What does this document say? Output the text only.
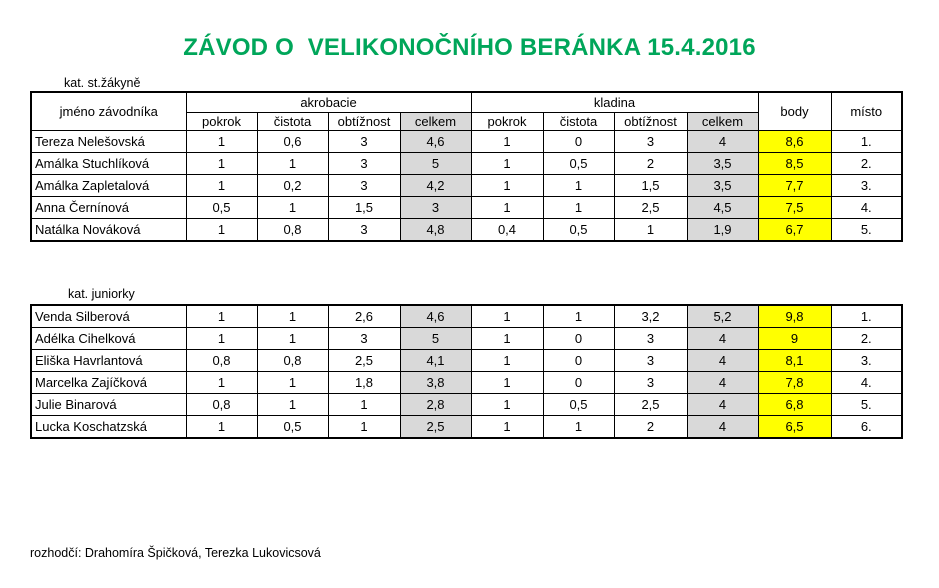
ZÁVOD O  VELIKONOČNÍHO BERÁNKA 15.4.2016
kat. st.žákyně
jméno závodníka	akrobacie				kladina				body	místo
	pokrok	čistota	obtížnost	celkem	pokrok	čistota	obtížnost	celkem		
Tereza Nelešovská	1	0,6	3	4,6	1	0	3	4	8,6	1.
Amálka Stuchlíková	1	1	3	5	1	0,5	2	3,5	8,5	2.
Amálka Zapletalová	1	0,2	3	4,2	1	1	1,5	3,5	7,7	3.
Anna Černínová	0,5	1	1,5	3	1	1	2,5	4,5	7,5	4.
Natálka Nováková	1	0,8	3	4,8	0,4	0,5	1	1,9	6,7	5.
kat. juniorky
Venda Silberová	1	1	2,6	4,6	1	1	3,2	5,2	9,8	1.
Adélka Cihelková	1	1	3	5	1	0	3	4	9	2.
Eliška Havrlantová	0,8	0,8	2,5	4,1	1	0	3	4	8,1	3.
Marcelka Zajíčková	1	1	1,8	3,8	1	0	3	4	7,8	4.
Julie Binarová	0,8	1	1	2,8	1	0,5	2,5	4	6,8	5.
Lucka Koschatzská	1	0,5	1	2,5	1	1	2	4	6,5	6.
rozhodčí: Drahomíra Špičková, Terezka Lukovicsová
